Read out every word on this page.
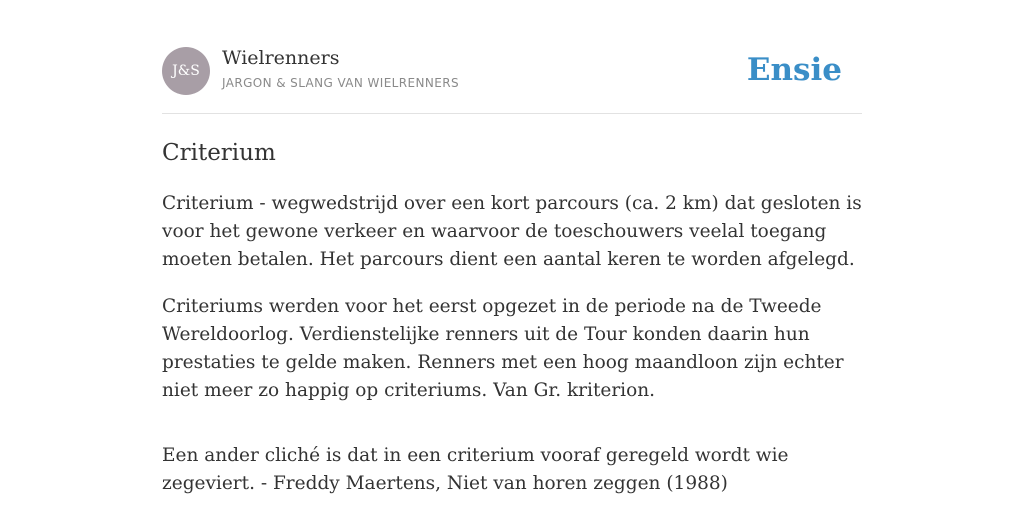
J&S
Wielrenners
JARGON & SLANG VAN WIELRENNERS	Ensie
Criterium

Criterium - wegwedstrijd over een kort parcours (ca. 2 km) dat gesloten is voor het gewone verkeer en waarvoor de toeschouwers veelal toegang moeten betalen. Het parcours dient een aantal keren te worden afgelegd.

Criteriums werden voor het eerst opgezet in de periode na de Tweede Wereldoorlog. Verdienstelijke renners uit de Tour konden daarin hun prestaties te gelde maken. Renners met een hoog maandloon zijn echter niet meer zo happig op criteriums. Van Gr. kriterion.

Een ander cliché is dat in een criterium vooraf geregeld wordt wie zegeviert. - Freddy Maertens, Niet van horen zeggen (1988)
